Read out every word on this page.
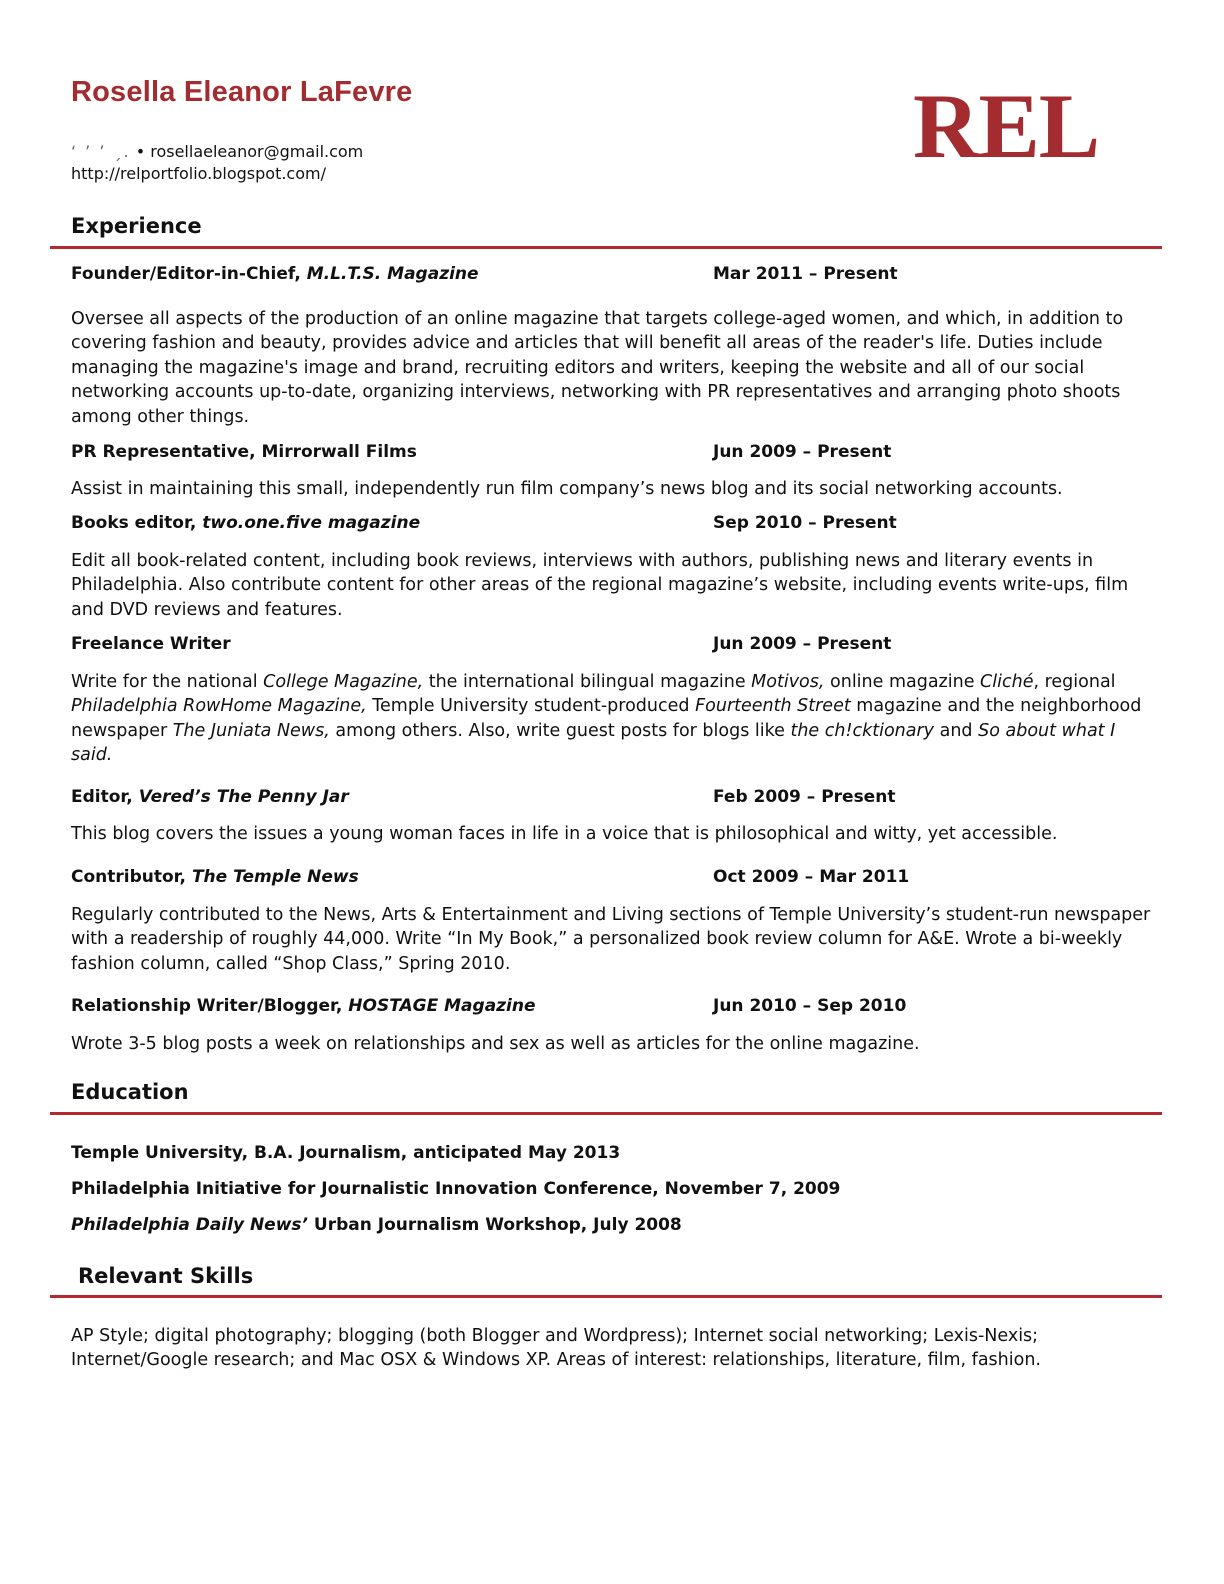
Rosella Eleanor LaFevre	REL
‘ ’ ’ ˏ. • rosellaeleanor@gmail.com
http://relportfolio.blogspot.com/
Experience
Founder/Editor-in-Chief, M.L.T.S. Magazine	Mar 2011 – Present
Oversee all aspects of the production of an online magazine that targets college-aged women, and which, in addition to covering fashion and beauty, provides advice and articles that will benefit all areas of the reader's life. Duties include managing the magazine's image and brand, recruiting editors and writers, keeping the website and all of our social networking accounts up-to-date, organizing interviews, networking with PR representatives and arranging photo shoots among other things.
PR Representative, Mirrorwall Films	Jun 2009 – Present
Assist in maintaining this small, independently run film company’s news blog and its social networking accounts.
Books editor, two.one.five magazine	Sep 2010 – Present
Edit all book-related content, including book reviews, interviews with authors, publishing news and literary events in Philadelphia. Also contribute content for other areas of the regional magazine’s website, including events write-ups, film and DVD reviews and features.
Freelance Writer	Jun 2009 – Present
Write for the national College Magazine, the international bilingual magazine Motivos, online magazine Cliché, regional Philadelphia RowHome Magazine, Temple University student-produced Fourteenth Street magazine and the neighborhood newspaper The Juniata News, among others. Also, write guest posts for blogs like the ch!cktionary and So about what I said.
Editor, Vered’s The Penny Jar	Feb 2009 – Present
This blog covers the issues a young woman faces in life in a voice that is philosophical and witty, yet accessible.
Contributor, The Temple News	Oct 2009 – Mar 2011
Regularly contributed to the News, Arts & Entertainment and Living sections of Temple University’s student-run newspaper with a readership of roughly 44,000. Write “In My Book,” a personalized book review column for A&E. Wrote a bi-weekly fashion column, called “Shop Class,” Spring 2010.
Relationship Writer/Blogger, HOSTAGE Magazine	Jun 2010 – Sep 2010
Wrote 3-5 blog posts a week on relationships and sex as well as articles for the online magazine.
Education
Temple University, B.A. Journalism, anticipated May 2013
Philadelphia Initiative for Journalistic Innovation Conference, November 7, 2009
Philadelphia Daily News’ Urban Journalism Workshop, July 2008
Relevant Skills
AP Style; digital photography; blogging (both Blogger and Wordpress); Internet social networking; Lexis-Nexis; Internet/Google research; and Mac OSX & Windows XP. Areas of interest: relationships, literature, film, fashion.
